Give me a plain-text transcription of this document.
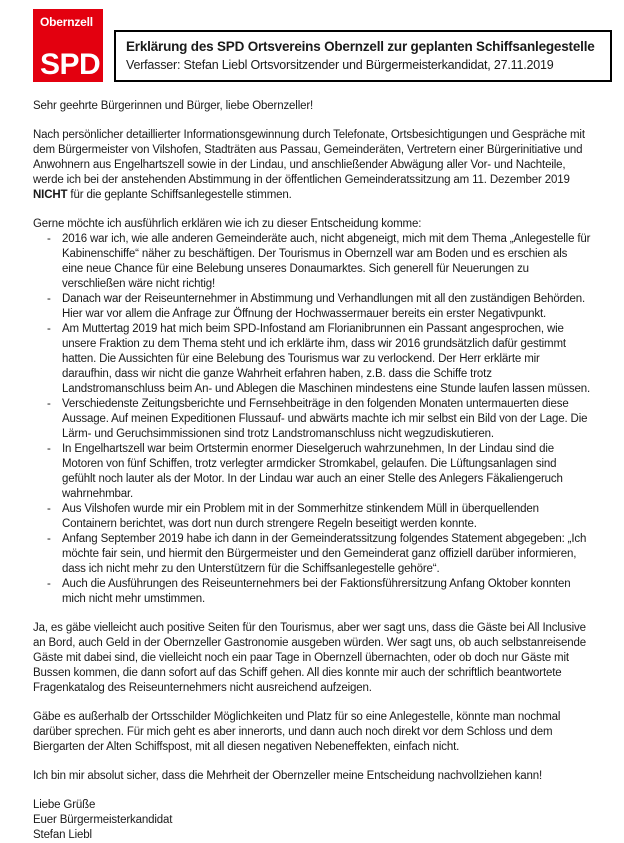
Obernzell
SPD
Erklärung des SPD Ortsvereins Obernzell zur geplanten Schiffsanlegestelle
Verfasser: Stefan Liebl Ortsvorsitzender und Bürgermeisterkandidat, 27.11.2019

Sehr geehrte Bürgerinnen und Bürger, liebe Obernzeller!

Nach persönlicher detaillierter Informationsgewinnung durch Telefonate, Ortsbesichtigungen und Gespräche mit dem Bürgermeister von Vilshofen, Stadträten aus Passau, Gemeinderäten, Vertretern einer Bürgerinitiative und Anwohnern aus Engelhartszell sowie in der Lindau, und anschließender Abwägung aller Vor- und Nachteile, werde ich bei der anstehenden Abstimmung in der öffentlichen Gemeinderatssitzung am 11. Dezember 2019 NICHT für die geplante Schiffsanlegestelle stimmen.

Gerne möchte ich ausführlich erklären wie ich zu dieser Entscheidung komme:

- 2016 war ich, wie alle anderen Gemeinderäte auch, nicht abgeneigt, mich mit dem Thema „Anlegestelle für Kabinenschiffe“ näher zu beschäftigen. Der Tourismus in Obernzell war am Boden und es erschien als eine neue Chance für eine Belebung unseres Donaumarktes. Sich generell für Neuerungen zu verschließen wäre nicht richtig!
- Danach war der Reiseunternehmer in Abstimmung und Verhandlungen mit all den zuständigen Behörden. Hier war vor allem die Anfrage zur Öffnung der Hochwassermauer bereits ein erster Negativpunkt.
- Am Muttertag 2019 hat mich beim SPD-Infostand am Florianibrunnen ein Passant angesprochen, wie unsere Fraktion zu dem Thema steht und ich erklärte ihm, dass wir 2016 grundsätzlich dafür gestimmt hatten. Die Aussichten für eine Belebung des Tourismus war zu verlockend. Der Herr erklärte mir daraufhin, dass wir nicht die ganze Wahrheit erfahren haben, z.B. dass die Schiffe trotz Landstromanschluss beim An- und Ablegen die Maschinen mindestens eine Stunde laufen lassen müssen.
- Verschiedenste Zeitungsberichte und Fernsehbeiträge in den folgenden Monaten untermauerten diese Aussage. Auf meinen Expeditionen Flussauf- und abwärts machte ich mir selbst ein Bild von der Lage. Die Lärm- und Geruchsimmissionen sind trotz Landstromanschluss nicht wegzudiskutieren.
- In Engelhartszell war beim Ortstermin enormer Dieselgeruch wahrzunehmen, In der Lindau sind die Motoren von fünf Schiffen, trotz verlegter armdicker Stromkabel, gelaufen. Die Lüftungsanlagen sind gefühlt noch lauter als der Motor. In der Lindau war auch an einer Stelle des Anlegers Fäkaliengeruch wahrnehmbar.
- Aus Vilshofen wurde mir ein Problem mit in der Sommerhitze stinkendem Müll in überquellenden Containern berichtet, was dort nun durch strengere Regeln beseitigt werden konnte.
- Anfang September 2019 habe ich dann in der Gemeinderatssitzung folgendes Statement abgegeben: „Ich möchte fair sein, und hiermit den Bürgermeister und den Gemeinderat ganz offiziell darüber informieren, dass ich nicht mehr zu den Unterstützern für die Schiffsanlegestelle gehöre“.
- Auch die Ausführungen des Reiseunternehmers bei der Faktionsführersitzung Anfang Oktober konnten mich nicht mehr umstimmen.

Ja, es gäbe vielleicht auch positive Seiten für den Tourismus, aber wer sagt uns, dass die Gäste bei All Inclusive an Bord, auch Geld in der Obernzeller Gastronomie ausgeben würden. Wer sagt uns, ob auch selbstanreisende Gäste mit dabei sind, die vielleicht noch ein paar Tage in Obernzell übernachten, oder ob doch nur Gäste mit Bussen kommen, die dann sofort auf das Schiff gehen. All dies konnte mir auch der schriftlich beantwortete Fragenkatalog des Reiseunternehmers nicht ausreichend aufzeigen.

Gäbe es außerhalb der Ortsschilder Möglichkeiten und Platz für so eine Anlegestelle, könnte man nochmal darüber sprechen. Für mich geht es aber innerorts, und dann auch noch direkt vor dem Schloss und dem Biergarten der Alten Schiffspost, mit all diesen negativen Nebeneffekten, einfach nicht.

Ich bin mir absolut sicher, dass die Mehrheit der Obernzeller meine Entscheidung nachvollziehen kann!

Liebe Grüße
Euer Bürgermeisterkandidat
Stefan Liebl
